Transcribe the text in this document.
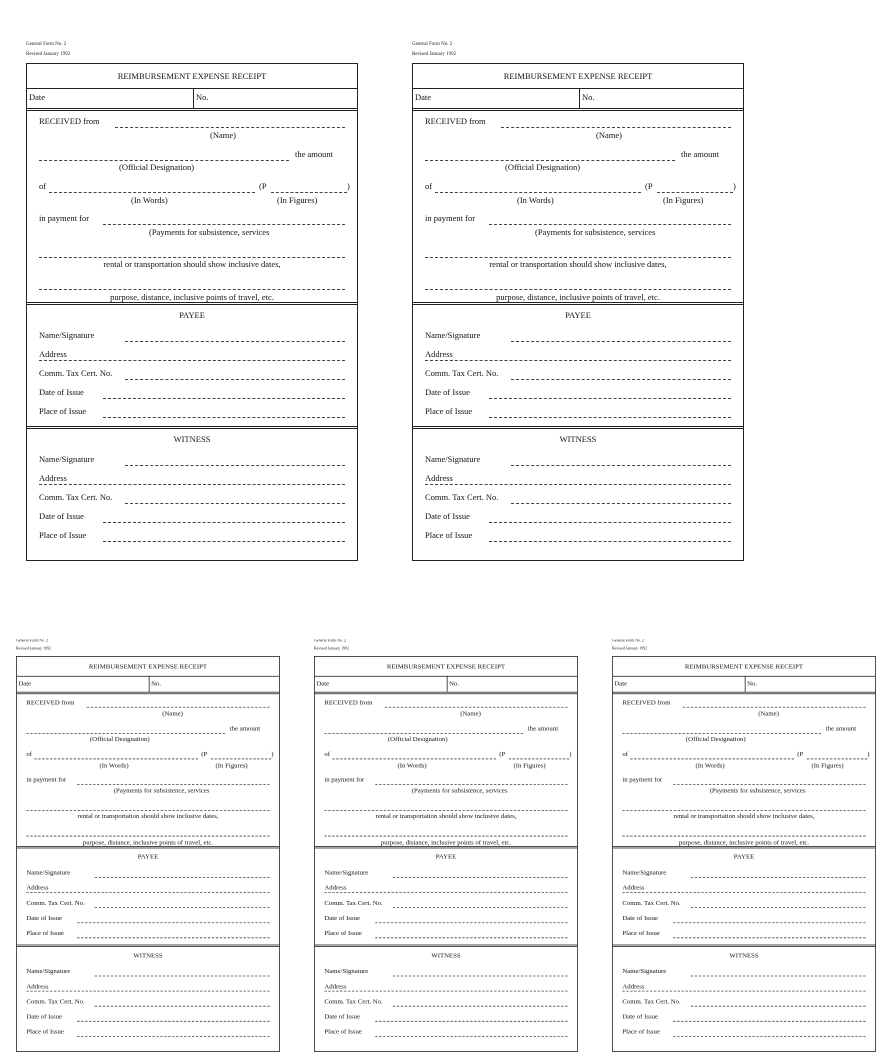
General Form No. 2
Revised January 1992
REIMBURSEMENT EXPENSE RECEIPT
Date	No.
RECEIVED from
(Name)
the amount
(Official Designation)
of	(P	)
(In Words)	(In Figures)
in payment for
(Payments for subsistence, services
rental or transportation should show inclusive dates,
purpose, distance, inclusive points of travel, etc.
PAYEE
Name/Signature
Address
Comm. Tax Cert. No.
Date of Issue
Place of Issue
WITNESS
Name/Signature
Address
Comm. Tax Cert. No.
Date of Issue
Place of Issue
General Form No. 2
Revised January 1992
REIMBURSEMENT EXPENSE RECEIPT
Date	No.
RECEIVED from
(Name)
the amount
(Official Designation)
of	(P	)
(In Words)	(In Figures)
in payment for
(Payments for subsistence, services
rental or transportation should show inclusive dates,
purpose, distance, inclusive points of travel, etc.
PAYEE
Name/Signature
Address
Comm. Tax Cert. No.
Date of Issue
Place of Issue
WITNESS
Name/Signature
Address
Comm. Tax Cert. No.
Date of Issue
Place of Issue
General Form No. 2
Revised January 1992
REIMBURSEMENT EXPENSE RECEIPT
Date	No.
RECEIVED from
(Name)
the amount
(Official Designation)
of	(P	)
(In Words)	(In Figures)
in payment for
(Payments for subsistence, services
rental or transportation should show inclusive dates,
purpose, distance, inclusive points of travel, etc.
PAYEE
Name/Signature
Address
Comm. Tax Cert. No.
Date of Issue
Place of Issue
WITNESS
Name/Signature
Address
Comm. Tax Cert. No.
Date of Issue
Place of Issue
General Form No. 2
Revised January 1992
REIMBURSEMENT EXPENSE RECEIPT
Date	No.
RECEIVED from
(Name)
the amount
(Official Designation)
of	(P	)
(In Words)	(In Figures)
in payment for
(Payments for subsistence, services
rental or transportation should show inclusive dates,
purpose, distance, inclusive points of travel, etc.
PAYEE
Name/Signature
Address
Comm. Tax Cert. No.
Date of Issue
Place of Issue
WITNESS
Name/Signature
Address
Comm. Tax Cert. No.
Date of Issue
Place of Issue
General Form No. 2
Revised January 1992
REIMBURSEMENT EXPENSE RECEIPT
Date	No.
RECEIVED from
(Name)
the amount
(Official Designation)
of	(P	)
(In Words)	(In Figures)
in payment for
(Payments for subsistence, services
rental or transportation should show inclusive dates,
purpose, distance, inclusive points of travel, etc.
PAYEE
Name/Signature
Address
Comm. Tax Cert. No.
Date of Issue
Place of Issue
WITNESS
Name/Signature
Address
Comm. Tax Cert. No.
Date of Issue
Place of Issue
